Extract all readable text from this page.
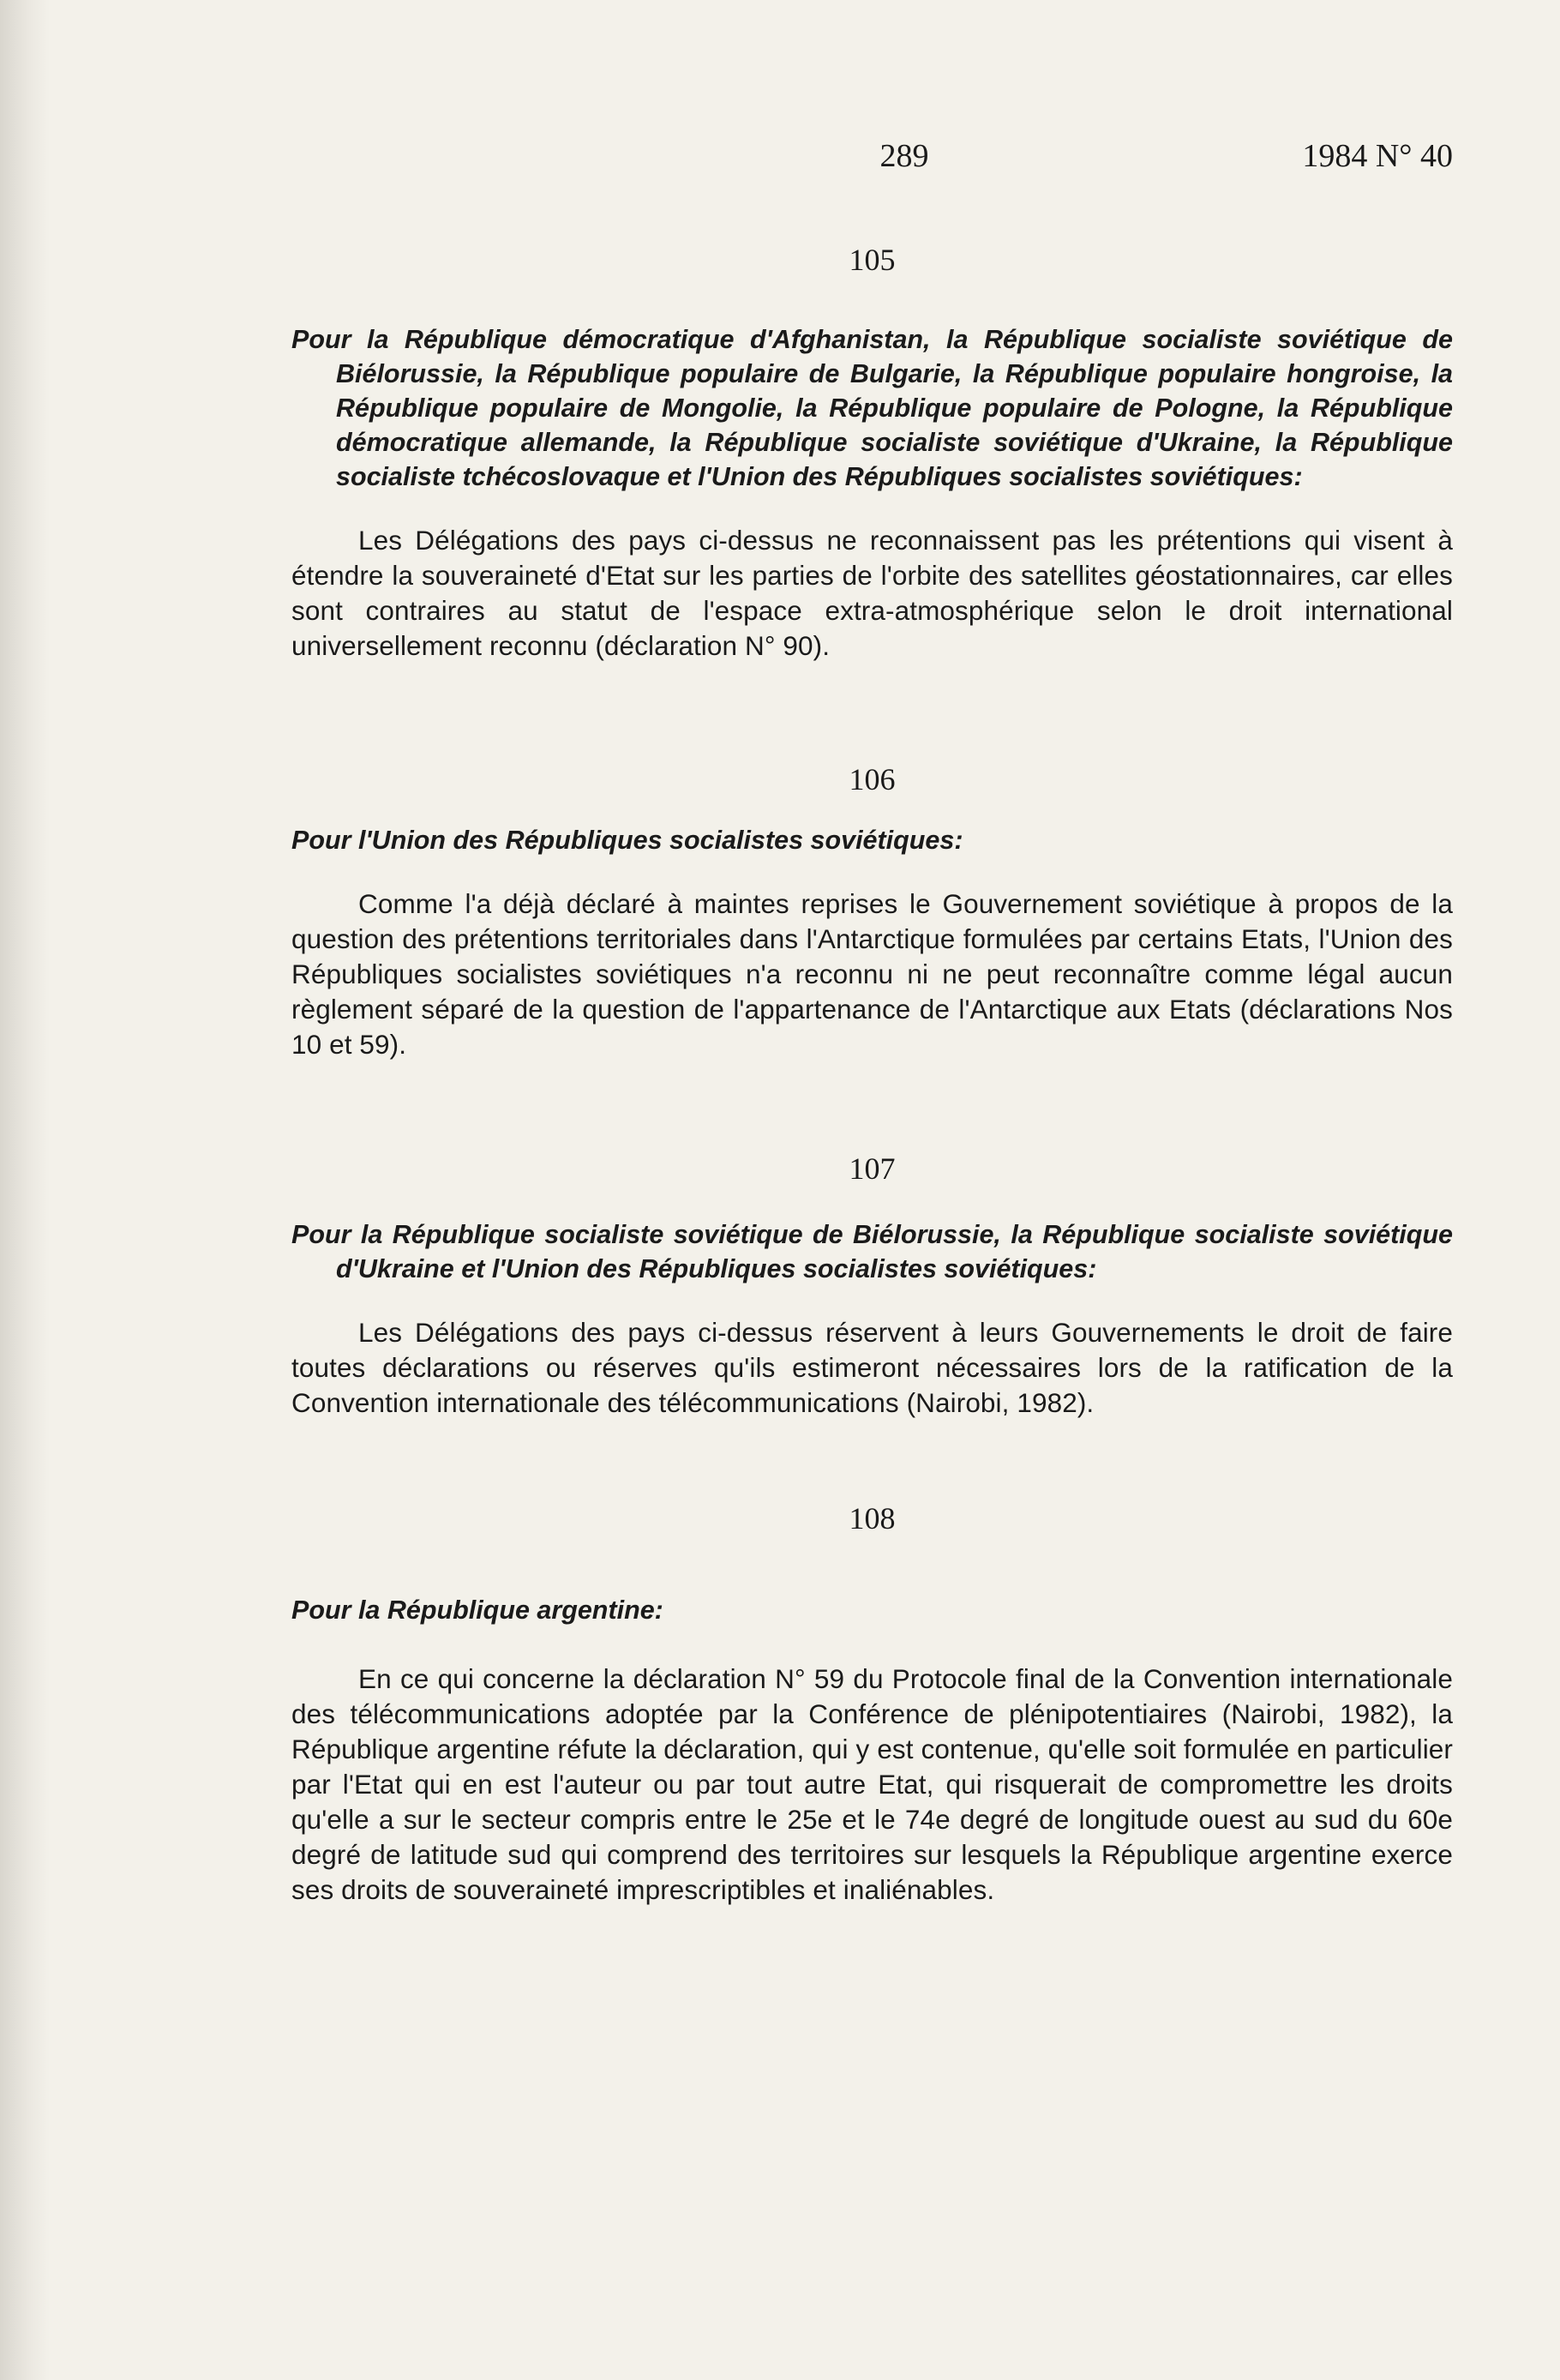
289	1984 N° 40
105

Pour la République démocratique d'Afghanistan, la République socialiste soviétique de Biélorussie, la République populaire de Bulgarie, la République populaire hongroise, la République populaire de Mongolie, la République populaire de Pologne, la République démocratique allemande, la République socialiste soviétique d'Ukraine, la République socialiste tchécoslovaque et l'Union des Républiques socialistes soviétiques:

Les Délégations des pays ci-dessus ne reconnaissent pas les prétentions qui visent à étendre la souveraineté d'Etat sur les parties de l'orbite des satellites géostationnaires, car elles sont contraires au statut de l'espace extra-atmosphérique selon le droit international universellement reconnu (déclaration N° 90).

106

Pour l'Union des Républiques socialistes soviétiques:

Comme l'a déjà déclaré à maintes reprises le Gouvernement soviétique à propos de la question des prétentions territoriales dans l'Antarctique formulées par certains Etats, l'Union des Républiques socialistes soviétiques n'a reconnu ni ne peut reconnaître comme légal aucun règlement séparé de la question de l'appartenance de l'Antarctique aux Etats (déclarations Nos 10 et 59).

107

Pour la République socialiste soviétique de Biélorussie, la République socialiste soviétique d'Ukraine et l'Union des Républiques socialistes soviétiques:

Les Délégations des pays ci-dessus réservent à leurs Gouvernements le droit de faire toutes déclarations ou réserves qu'ils estimeront nécessaires lors de la ratification de la Convention internationale des télécommunications (Nairobi, 1982).

108

Pour la République argentine:

En ce qui concerne la déclaration N° 59 du Protocole final de la Convention internationale des télécommunications adoptée par la Conférence de plénipotentiaires (Nairobi, 1982), la République argentine réfute la déclaration, qui y est contenue, qu'elle soit formulée en particulier par l'Etat qui en est l'auteur ou par tout autre Etat, qui risquerait de compromettre les droits qu'elle a sur le secteur compris entre le 25e et le 74e degré de longitude ouest au sud du 60e degré de latitude sud qui comprend des territoires sur lesquels la République argentine exerce ses droits de souveraineté imprescriptibles et inaliénables.
